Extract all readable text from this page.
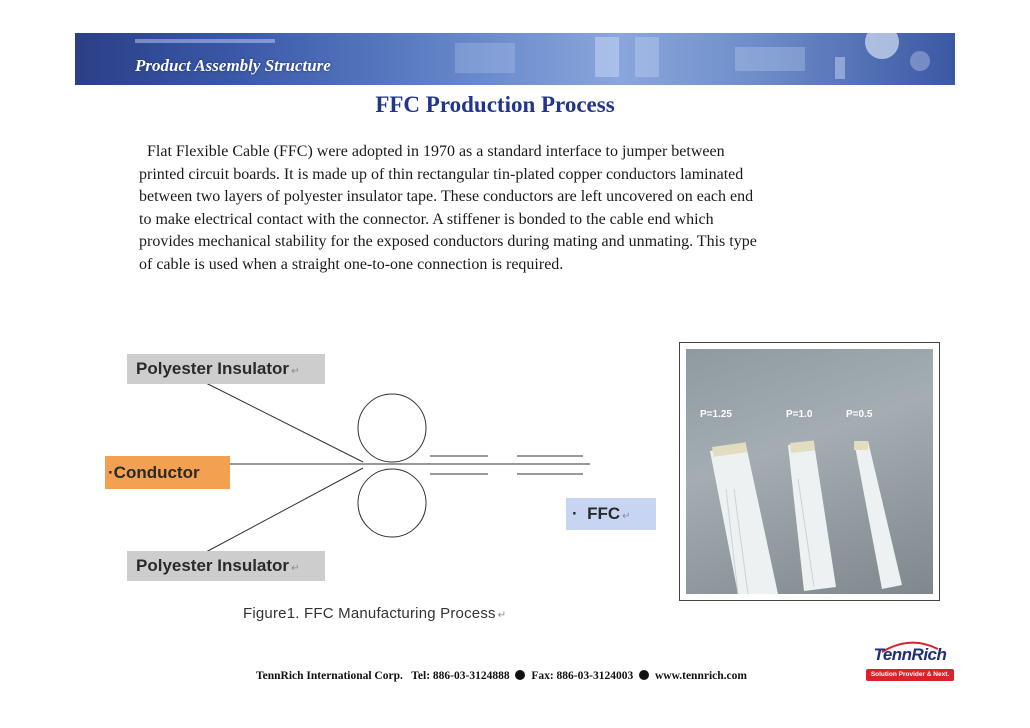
Product Assembly Structure
FFC Production Process
Flat Flexible Cable (FFC) were adopted in 1970 as a standard interface to jumper between
printed circuit boards. It is made up of thin rectangular tin-plated copper conductors laminated
between two layers of polyester insulator tape. These conductors are left uncovered on each end
to make electrical contact with the connector. A stiffener is bonded to the cable end which
provides mechanical stability for the exposed conductors during mating and unmating. This type
of cable is used when a straight one-to-one connection is required.
Polyester Insulator ↵
·Conductor
Polyester Insulator ↵
·  FFC ↵
Figure1. FFC Manufacturing Process ↵
P=1.25	P=1.0	P=0.5
TennRich International Corp. Tel: 886-03-3124888 Fax: 886-03-3124003 www.tennrich.com
TennRich
Solution Provider & Next.
